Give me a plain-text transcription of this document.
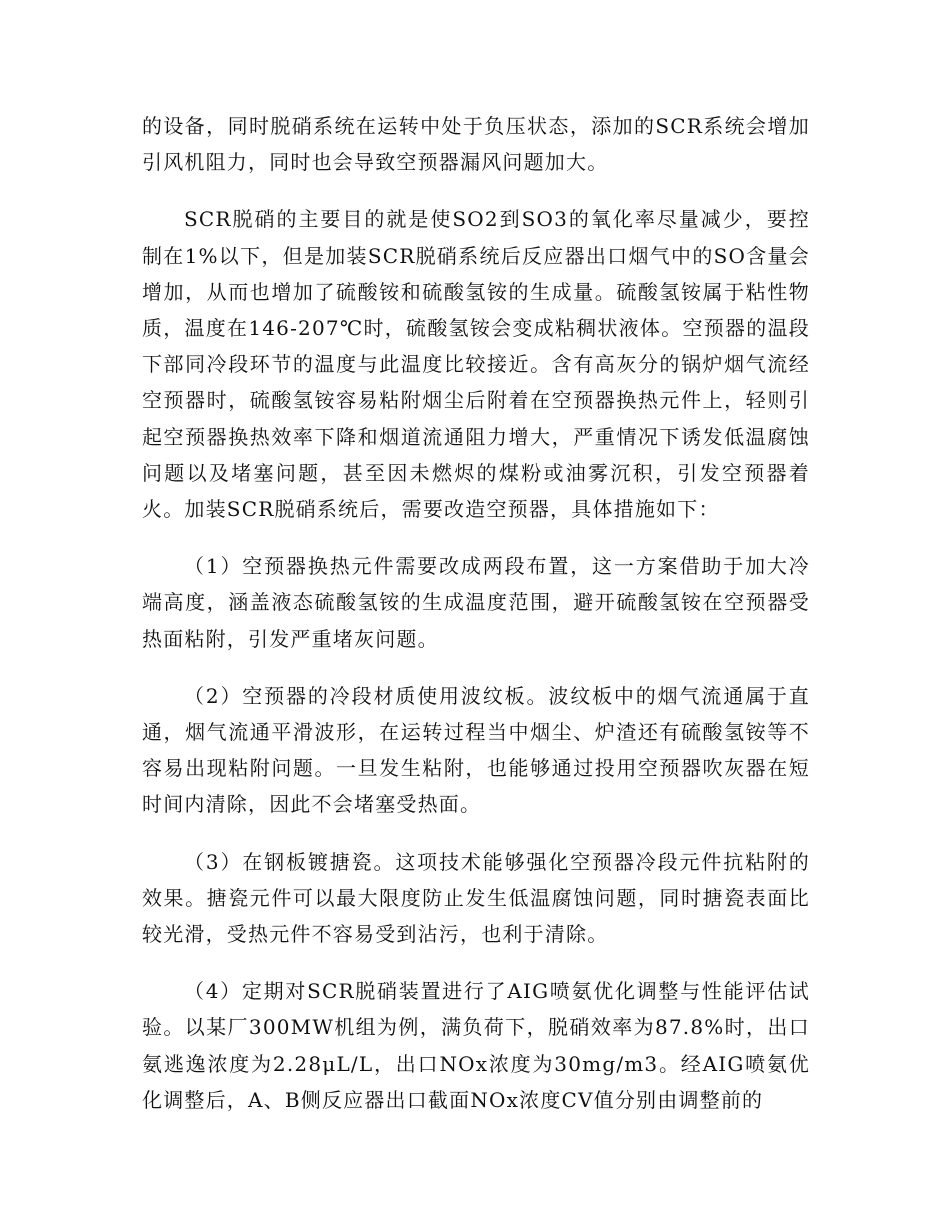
的设备，同时脱硝系统在运转中处于负压状态，添加的SCR系统会增加引风机阻力，同时也会导致空预器漏风问题加大。

SCR脱硝的主要目的就是使SO2到SO3的氧化率尽量减少，要控制在1%以下，但是加装SCR脱硝系统后反应器出口烟气中的SO含量会增加，从而也增加了硫酸铵和硫酸氢铵的生成量。硫酸氢铵属于粘性物质，温度在146-207℃时，硫酸氢铵会变成粘稠状液体。空预器的温段下部同冷段环节的温度与此温度比较接近。含有高灰分的锅炉烟气流经空预器时，硫酸氢铵容易粘附烟尘后附着在空预器换热元件上，轻则引起空预器换热效率下降和烟道流通阻力增大，严重情况下诱发低温腐蚀问题以及堵塞问题，甚至因未燃烬的煤粉或油雾沉积，引发空预器着火。加装SCR脱硝系统后，需要改造空预器，具体措施如下：

（1）空预器换热元件需要改成两段布置，这一方案借助于加大冷端高度，涵盖液态硫酸氢铵的生成温度范围，避开硫酸氢铵在空预器受热面粘附，引发严重堵灰问题。

（2）空预器的冷段材质使用波纹板。波纹板中的烟气流通属于直通，烟气流通平滑波形，在运转过程当中烟尘、炉渣还有硫酸氢铵等不容易出现粘附问题。一旦发生粘附，也能够通过投用空预器吹灰器在短时间内清除，因此不会堵塞受热面。

（3）在钢板镀搪瓷。这项技术能够强化空预器冷段元件抗粘附的效果。搪瓷元件可以最大限度防止发生低温腐蚀问题，同时搪瓷表面比较光滑，受热元件不容易受到沾污，也利于清除。

（4）定期对SCR脱硝装置进行了AIG喷氨优化调整与性能评估试验。以某厂300MW机组为例，满负荷下，脱硝效率为87.8%时，出口氨逃逸浓度为2.28μL/L，出口NOx浓度为30mg/m3。经AIG喷氨优化调整后，A、B侧反应器出口截面NOx浓度CV值分别由调整前的
